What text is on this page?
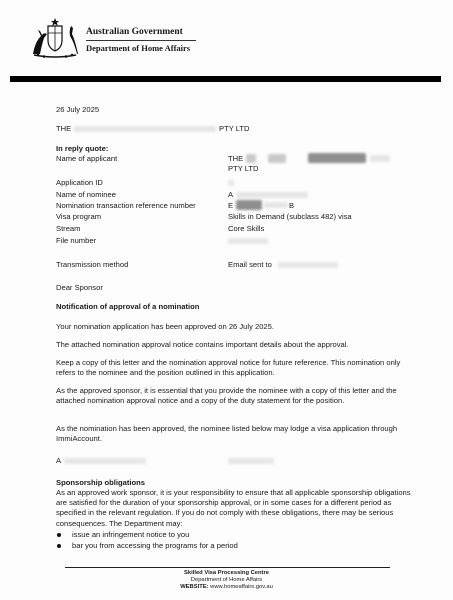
Australian Government
Department of Home Affairs
26 July 2025
THE	PTY LTD
In reply quote:
Name of applicant	THE
PTY LTD
Application ID
Name of nominee	A
Nomination transaction reference number	E	B
Visa program	Skills in Demand (subclass 482) visa
Stream	Core Skills
File number
Transmission method	Email sent to
Dear Sponsor
Notification of approval of a nomination
Your nomination application has been approved on 26 July 2025.
The attached nomination approval notice contains important details about the approval.
Keep a copy of this letter and the nomination approval notice for future reference. This nomination only refers to the nominee and the position outlined in this application.
As the approved sponsor, it is essential that you provide the nominee with a copy of this letter and the attached nomination approval notice and a copy of the duty statement for the position.
As the nomination has been approved, the nominee listed below may lodge a visa application through ImmiAccount.
A
Sponsorship obligations
As an approved work sponsor, it is your responsibility to ensure that all applicable sponsorship obligations are satisfied for the duration of your sponsorship approval, or in some cases for a different period as specified in the relevant regulation. If you do not comply with these obligations, there may be serious consequences. The Department may:
issue an infringement notice to you
bar you from accessing the programs for a period
Skilled Visa Processing Centre
Department of Home Affairs
WEBSITE: www.homeaffairs.gov.au
